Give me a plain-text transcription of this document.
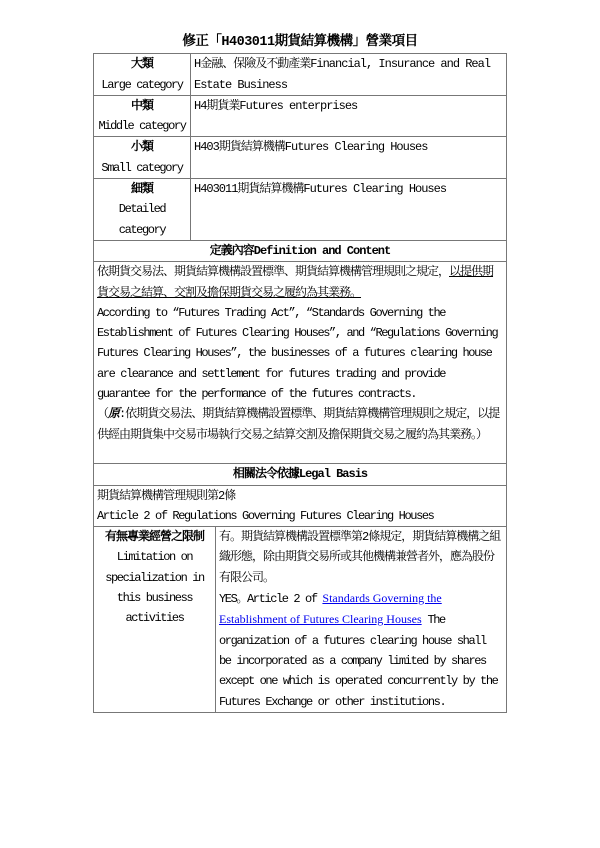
修正「H403011期貨結算機構」營業項目
大類
Large category
H金融、保險及不動產業Financial, Insurance and Real Estate Business
中類
Middle category
H4期貨業Futures enterprises
小類
Small category
H403期貨結算機構Futures Clearing Houses
細類
Detailed category
H403011期貨結算機構Futures Clearing Houses
定義內容Definition and Content

依期貨交易法、期貨結算機構設置標準、期貨結算機構管理規則之規定，以提供期貨交易之結算、交割及擔保期貨交易之履約為其業務。

According to “Futures Trading Act”, “Standards Governing the Establishment of Futures Clearing Houses”, and “Regulations Governing Futures Clearing Houses”, the businesses of a futures clearing house are clearance and settlement for futures trading and provide guarantee for the performance of the futures contracts.

（原:依期貨交易法、期貨結算機構設置標準、期貨結算機構管理規則之規定，以提供經由期貨集中交易市場執行交易之結算交割及擔保期貨交易之履約為其業務。）

相關法令依據Legal Basis

期貨結算機構管理規則第2條

Article 2 of Regulations Governing Futures Clearing Houses

有無專業經營之限制
Limitation on specialization in this business activities

有。期貨結算機構設置標準第2條規定，期貨結算機構之組織形態，除由期貨交易所或其他機構兼營者外，應為股份有限公司。

YES。Article 2 of Standards Governing the Establishment of Futures Clearing Houses The organization of a futures clearing house shall be incorporated as a company limited by shares except one which is operated concurrently by the Futures Exchange or other institutions.
